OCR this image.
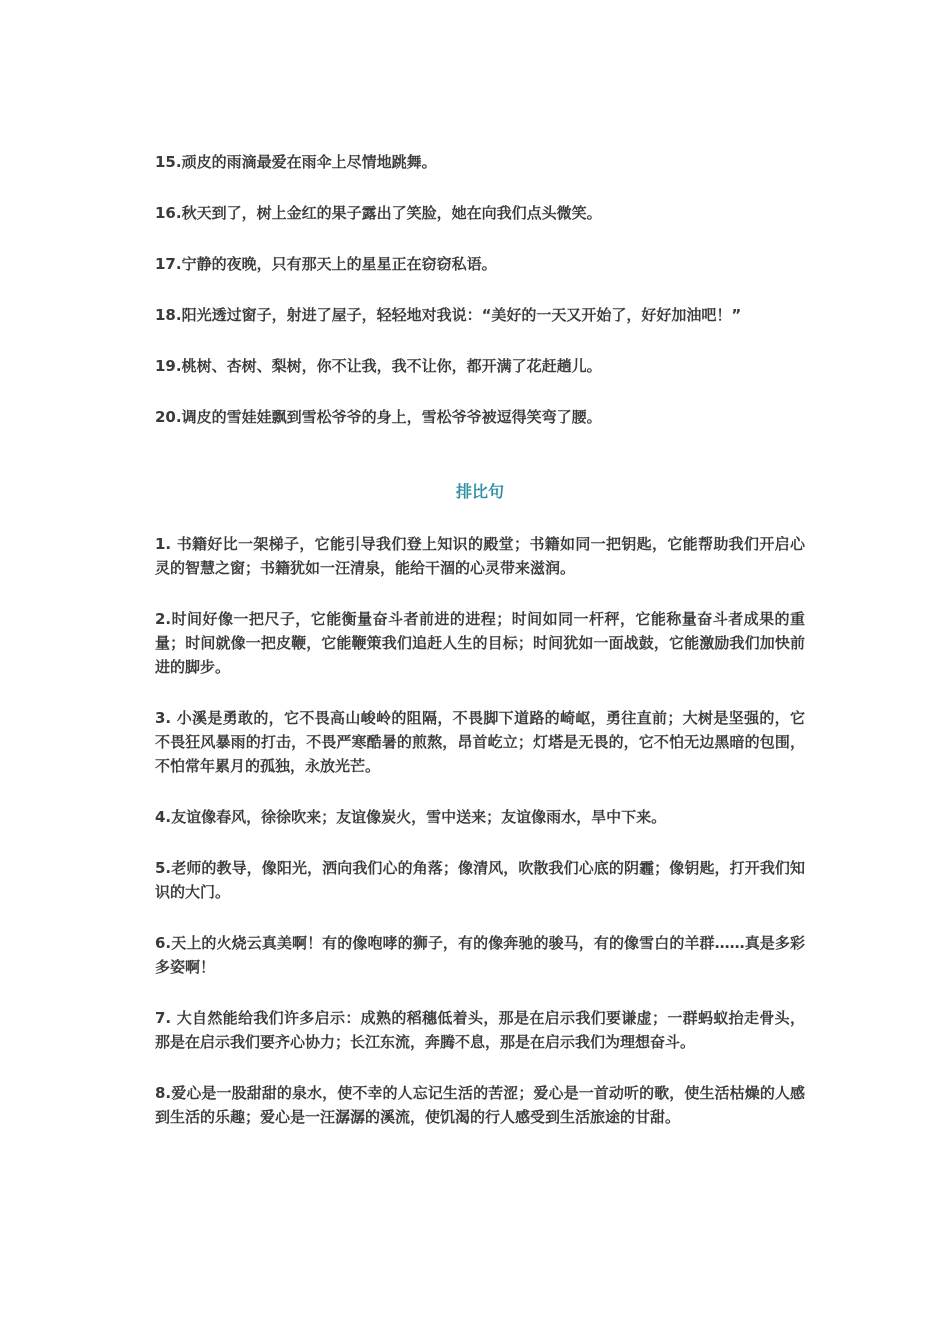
15.顽皮的雨滴最爱在雨伞上尽情地跳舞。

16.秋天到了，树上金红的果子露出了笑脸，她在向我们点头微笑。

17.宁静的夜晚，只有那天上的星星正在窃窃私语。

18.阳光透过窗子，射进了屋子，轻轻地对我说：“美好的一天又开始了，好好加油吧！”

19.桃树、杏树、梨树，你不让我，我不让你，都开满了花赶趟儿。

20.调皮的雪娃娃飘到雪松爷爷的身上，雪松爷爷被逗得笑弯了腰。

排比句

1. 书籍好比一架梯子，它能引导我们登上知识的殿堂；书籍如同一把钥匙，它能帮助我们开启心灵的智慧之窗；书籍犹如一汪清泉，能给干涸的心灵带来滋润。

2.时间好像一把尺子，它能衡量奋斗者前进的进程；时间如同一杆秤，它能称量奋斗者成果的重量；时间就像一把皮鞭，它能鞭策我们追赶人生的目标；时间犹如一面战鼓，它能激励我们加快前进的脚步。

3. 小溪是勇敢的，它不畏高山峻岭的阻隔，不畏脚下道路的崎岖，勇往直前；大树是坚强的，它不畏狂风暴雨的打击，不畏严寒酷暑的煎熬，昂首屹立；灯塔是无畏的，它不怕无边黑暗的包围，不怕常年累月的孤独，永放光芒。

4.友谊像春风，徐徐吹来；友谊像炭火，雪中送来；友谊像雨水，旱中下来。

5.老师的教导，像阳光，洒向我们心的角落；像清风，吹散我们心底的阴霾；像钥匙，打开我们知识的大门。

6.天上的火烧云真美啊！有的像咆哮的狮子，有的像奔驰的骏马，有的像雪白的羊群……真是多彩多姿啊！

7. 大自然能给我们许多启示：成熟的稻穗低着头，那是在启示我们要谦虚；一群蚂蚁抬走骨头，那是在启示我们要齐心协力；长江东流，奔腾不息，那是在启示我们为理想奋斗。

8.爱心是一股甜甜的泉水，使不幸的人忘记生活的苦涩；爱心是一首动听的歌，使生活枯燥的人感到生活的乐趣；爱心是一汪潺潺的溪流，使饥渴的行人感受到生活旅途的甘甜。
